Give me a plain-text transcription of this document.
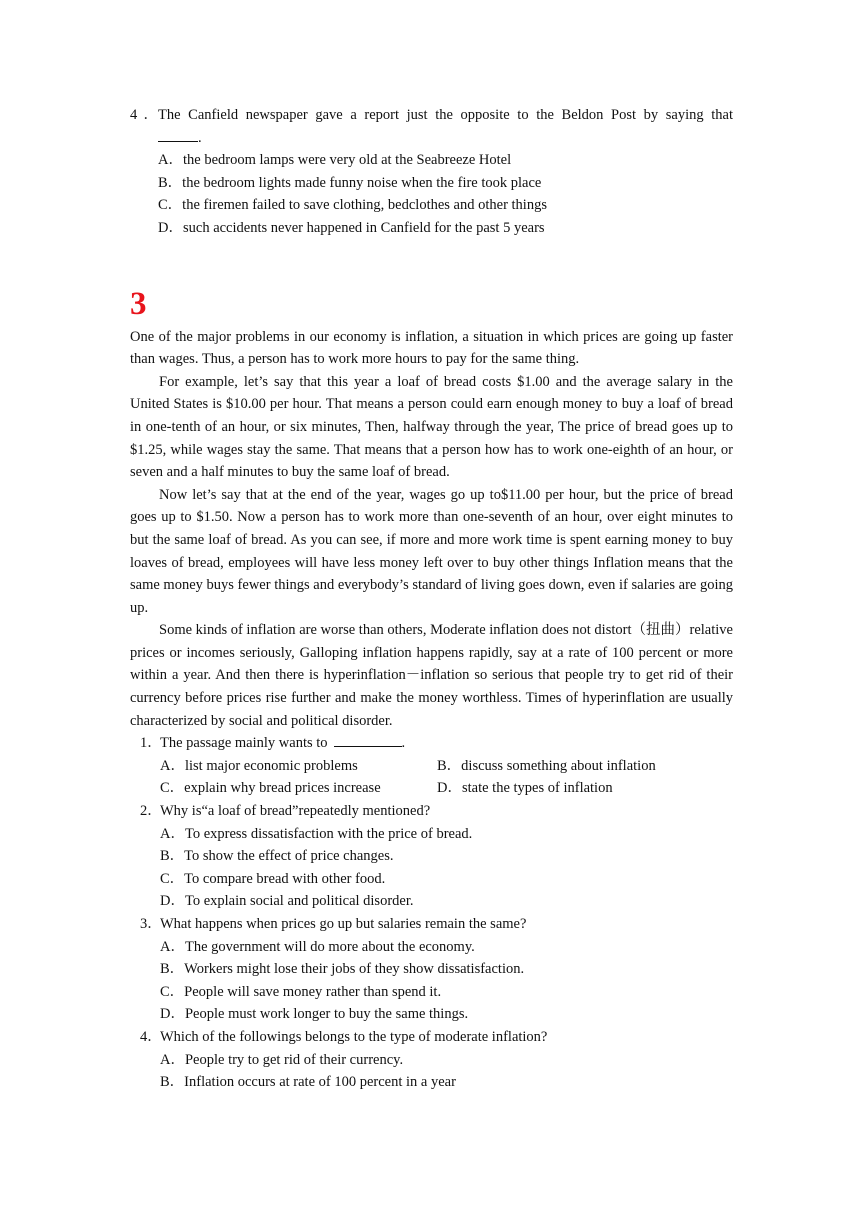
4．The Canfield newspaper gave a report just the opposite to the Beldon Post by saying that
.
A．the bedroom lamps were very old at the Seabreeze Hotel
B．the bedroom lights made funny noise when the fire took place
C．the firemen failed to save clothing, bedclothes and other things
D．such accidents never happened in Canfield for the past 5 years
3
One of the major problems in our economy is inflation, a situation in which prices are going up faster than wages. Thus, a person has to work more hours to pay for the same thing.
For example, let’s say that this year a loaf of bread costs $1.00 and the average salary in the United States is $10.00 per hour. That means a person could earn enough money to buy a loaf of bread in one-tenth of an hour, or six minutes, Then, halfway through the year, The price of bread goes up to $1.25, while wages stay the same. That means that a person how has to work one-eighth of an hour, or seven and a half minutes to buy the same loaf of bread.
Now let’s say that at the end of the year, wages go up to$11.00 per hour, but the price of bread goes up to $1.50. Now a person has to work more than one-seventh of an hour, over eight minutes to but the same loaf of bread. As you can see, if more and more work time is spent earning money to buy loaves of bread, employees will have less money left over to buy other things Inflation means that the same money buys fewer things and everybody’s standard of living goes down, even if salaries are going up.
Some kinds of inflation are worse than others, Moderate inflation does not distort（扭曲）relative prices or incomes seriously, Galloping inflation happens rapidly, say at a rate of 100 percent or more within a year. And then there is hyperinflation－inflation so serious that people try to get rid of their currency before prices rise further and make the money worthless. Times of hyperinflation are usually characterized by social and political disorder.
1．The passage mainly wants to	.
A．list major economic problems	B．discuss something about inflation
C．explain why bread prices increase	D．state the types of inflation
2．Why is“a loaf of bread”repeatedly mentioned?
A．To express dissatisfaction with the price of bread.
B．To show the effect of price changes.
C．To compare bread with other food.
D．To explain social and political disorder.
3．What happens when prices go up but salaries remain the same?
A．The government will do more about the economy.
B．Workers might lose their jobs of they show dissatisfaction.
C．People will save money rather than spend it.
D．People must work longer to buy the same things.
4．Which of the followings belongs to the type of moderate inflation?
A．People try to get rid of their currency.
B．Inflation occurs at rate of 100 percent in a year
